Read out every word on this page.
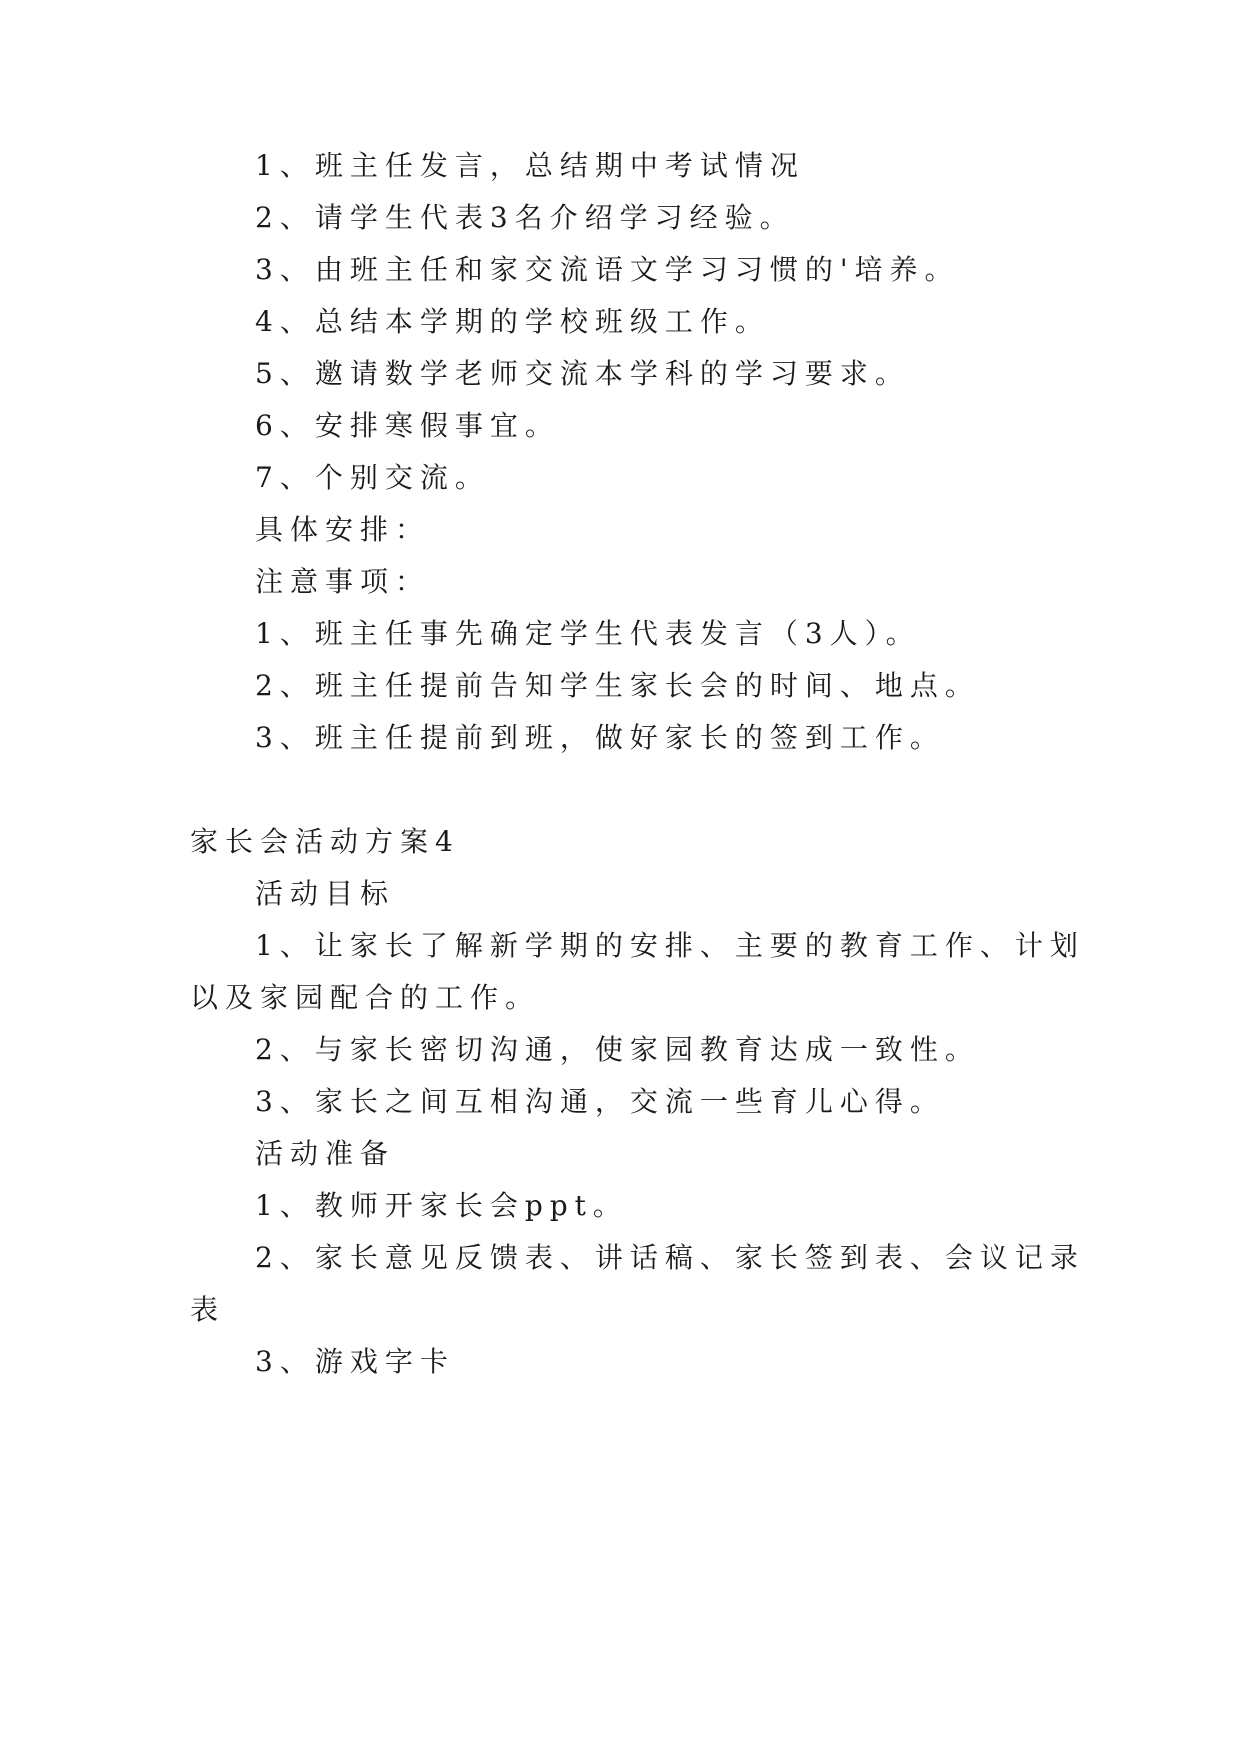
1、班主任发言，总结期中考试情况

2、请学生代表3名介绍学习经验。

3、由班主任和家交流语文学习习惯的'培养。

4、总结本学期的学校班级工作。

5、邀请数学老师交流本学科的学习要求。

6、安排寒假事宜。

7、个别交流。

具体安排：

注意事项：

1、班主任事先确定学生代表发言（3人）。

2、班主任提前告知学生家长会的时间、地点。

3、班主任提前到班，做好家长的签到工作。

家长会活动方案4

活动目标

1、让家长了解新学期的安排、主要的教育工作、计划

以及家园配合的工作。

2、与家长密切沟通，使家园教育达成一致性。

3、家长之间互相沟通，交流一些育儿心得。

活动准备

1、教师开家长会ppt。

2、家长意见反馈表、讲话稿、家长签到表、会议记录

表

3、游戏字卡
